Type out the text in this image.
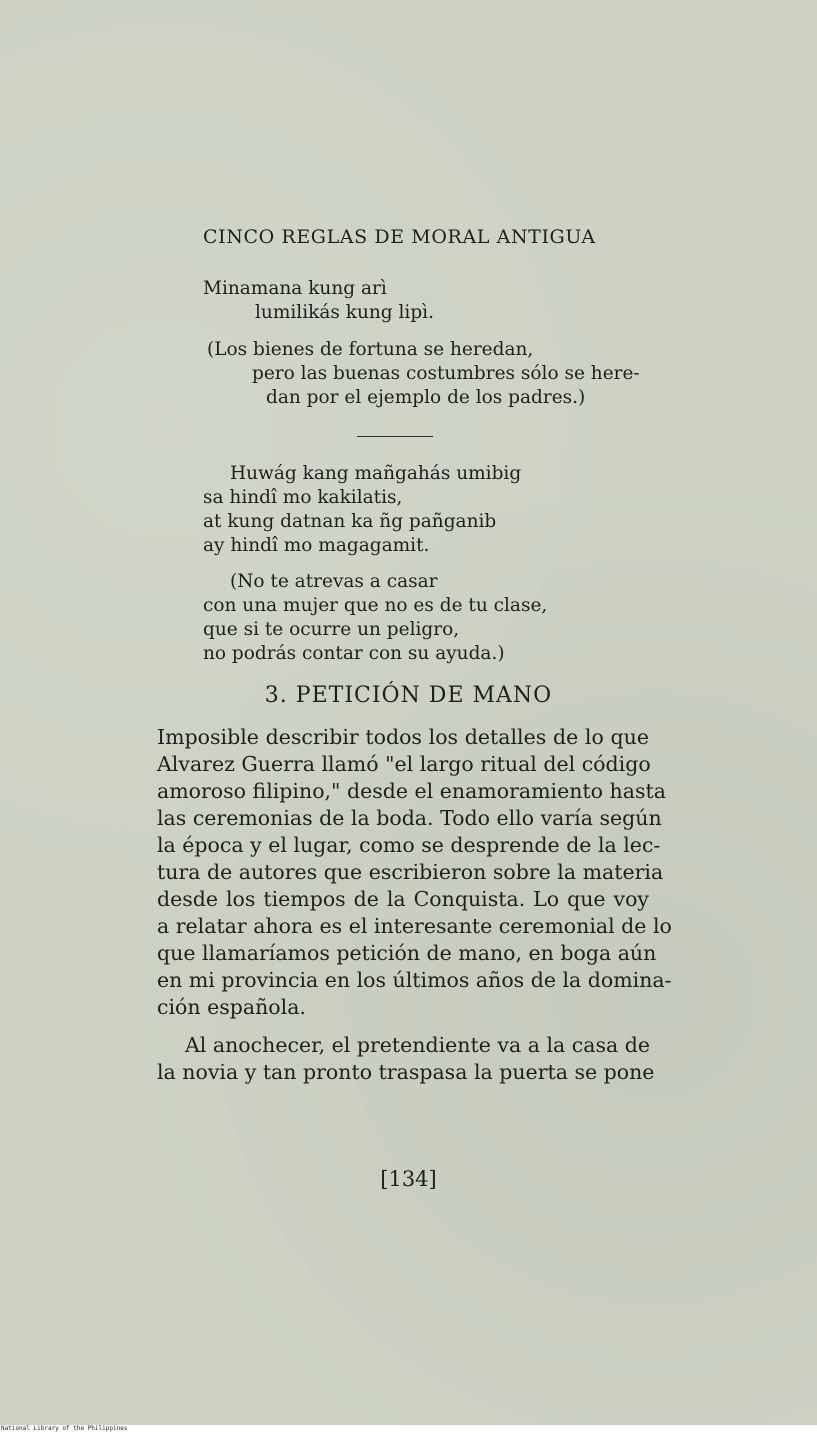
CINCO REGLAS DE MORAL ANTIGUA
Minamana kung arì
lumilikás kung lipì.
(Los bienes de fortuna se heredan,
pero las buenas costumbres sólo se here-
dan por el ejemplo de los padres.)
Huwág kang mañgahás umibig
sa hindî mo kakilatis,
at kung datnan ka ñg pañganib
ay hindî mo magagamit.
(No te atrevas a casar
con una mujer que no es de tu clase,
que si te ocurre un peligro,
no podrás contar con su ayuda.)
3. PETICIÓN DE MANO
Imposible describir todos los detalles de lo que
Alvarez Guerra llamó "el largo ritual del código
amoroso filipino," desde el enamoramiento hasta
las ceremonias de la boda. Todo ello varía según
la época y el lugar, como se desprende de la lec-
tura de autores que escribieron sobre la materia
desde los tiempos de la Conquista. Lo que voy
a relatar ahora es el interesante ceremonial de lo
que llamaríamos petición de mano, en boga aún
en mi provincia en los últimos años de la domina-
ción española.
Al anochecer, el pretendiente va a la casa de
la novia y tan pronto traspasa la puerta se pone

[134]

National Library of the Philippines
